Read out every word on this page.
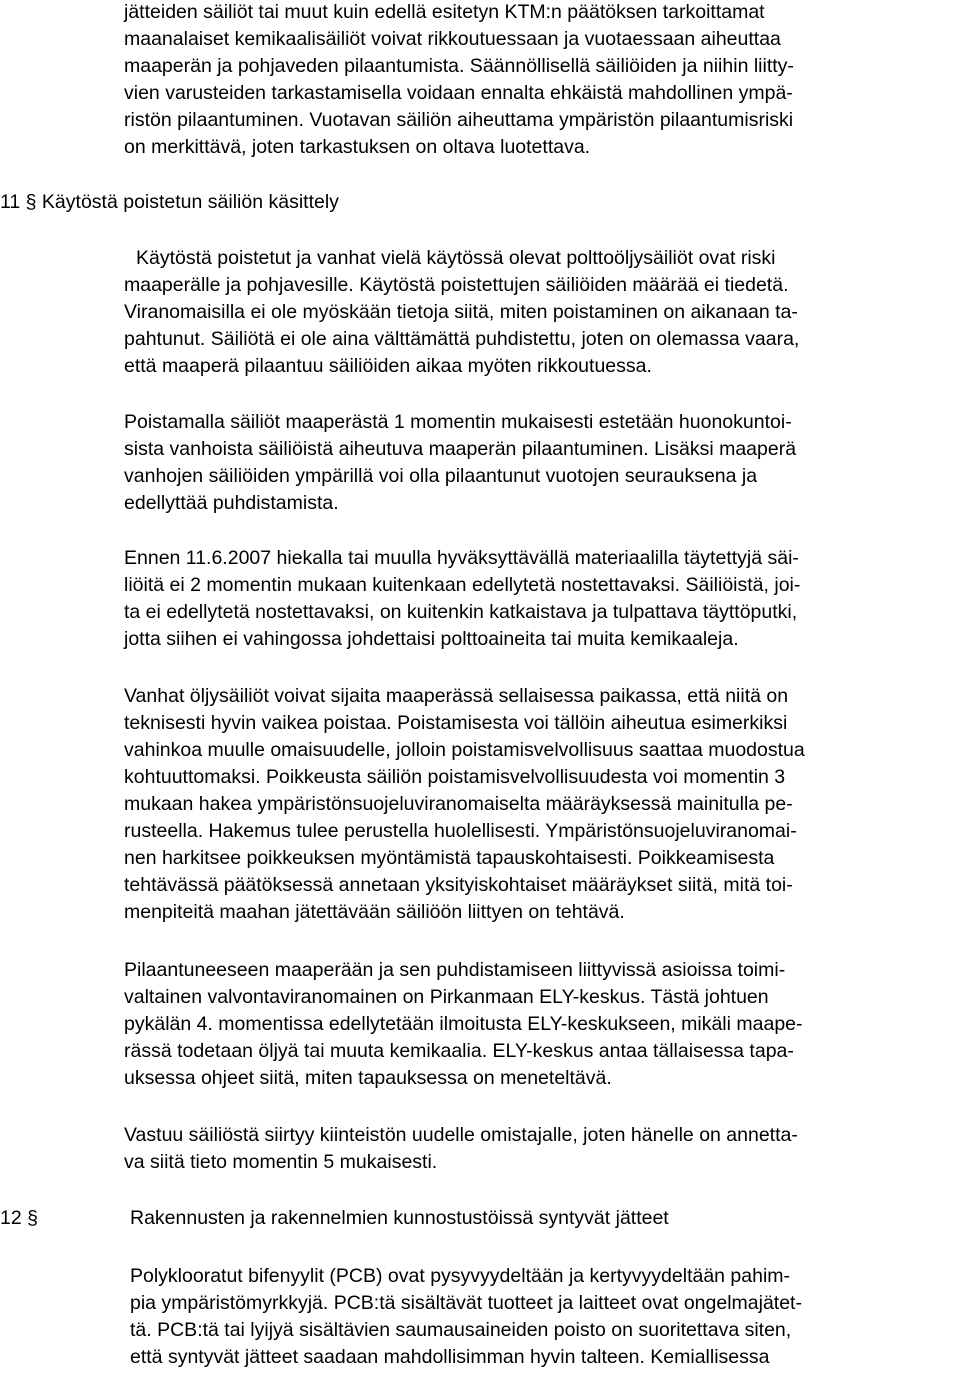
jätteiden säiliöt tai muut kuin edellä esitetyn KTM:n päätöksen tarkoittamat
maanalaiset kemikaalisäiliöt voivat rikkoutuessaan ja vuotaessaan aiheuttaa
maaperän ja pohjaveden pilaantumista. Säännöllisellä säiliöiden ja niihin liitty-
vien varusteiden tarkastamisella voidaan ennalta ehkäistä mahdollinen ympä-
ristön pilaantuminen. Vuotavan säiliön aiheuttama ympäristön pilaantumisriski
on merkittävä, joten tarkastuksen on oltava luotettava.
11 § Käytöstä poistetun säiliön käsittely
Käytöstä poistetut ja vanhat vielä käytössä olevat polttoöljysäiliöt ovat riski
maaperälle ja pohjavesille. Käytöstä poistettujen säiliöiden määrää ei tiedetä.
Viranomaisilla ei ole myöskään tietoja siitä, miten poistaminen on aikanaan ta-
pahtunut. Säiliötä ei ole aina välttämättä puhdistettu, joten on olemassa vaara,
että maaperä pilaantuu säiliöiden aikaa myöten rikkoutuessa.
Poistamalla säiliöt maaperästä 1 momentin mukaisesti estetään huonokuntoi-
sista vanhoista säiliöistä aiheutuva maaperän pilaantuminen. Lisäksi maaperä
vanhojen säiliöiden ympärillä voi olla pilaantunut vuotojen seurauksena ja
edellyttää puhdistamista.
Ennen 11.6.2007 hiekalla tai muulla hyväksyttävällä materiaalilla täytettyjä säi-
liöitä ei 2 momentin mukaan kuitenkaan edellytetä nostettavaksi. Säiliöistä, joi-
ta ei edellytetä nostettavaksi, on kuitenkin katkaistava ja tulpattava täyttöputki,
jotta siihen ei vahingossa johdettaisi polttoaineita tai muita kemikaaleja.
Vanhat öljysäiliöt voivat sijaita maaperässä sellaisessa paikassa, että niitä on
teknisesti hyvin vaikea poistaa. Poistamisesta voi tällöin aiheutua esimerkiksi
vahinkoa muulle omaisuudelle, jolloin poistamisvelvollisuus saattaa muodostua
kohtuuttomaksi. Poikkeusta säiliön poistamisvelvollisuudesta voi momentin 3
mukaan hakea ympäristönsuojeluviranomaiselta määräyksessä mainitulla pe-
rusteella. Hakemus tulee perustella huolellisesti. Ympäristönsuojeluviranomai-
nen harkitsee poikkeuksen myöntämistä tapauskohtaisesti. Poikkeamisesta
tehtävässä päätöksessä annetaan yksityiskohtaiset määräykset siitä, mitä toi-
menpiteitä maahan jätettävään säiliöön liittyen on tehtävä.
Pilaantuneeseen maaperään ja sen puhdistamiseen liittyvissä asioissa toimi-
valtainen valvontaviranomainen on Pirkanmaan ELY-keskus. Tästä johtuen
pykälän 4. momentissa edellytetään ilmoitusta ELY-keskukseen, mikäli maape-
rässä todetaan öljyä tai muuta kemikaalia. ELY-keskus antaa tällaisessa tapa-
uksessa ohjeet siitä, miten tapauksessa on meneteltävä.
Vastuu säiliöstä siirtyy kiinteistön uudelle omistajalle, joten hänelle on annetta-
va siitä tieto momentin 5 mukaisesti.
12 §	Rakennusten ja rakennelmien kunnostustöissä syntyvät jätteet
Polyklooratut bifenyylit (PCB) ovat pysyvyydeltään ja kertyvyydeltään pahim-
pia ympäristömyrkkyjä. PCB:tä sisältävät tuotteet ja laitteet ovat ongelmajätet-
tä. PCB:tä tai lyijyä sisältävien saumausaineiden poisto on suoritettava siten,
että syntyvät jätteet saadaan mahdollisimman hyvin talteen. Kemiallisessa
